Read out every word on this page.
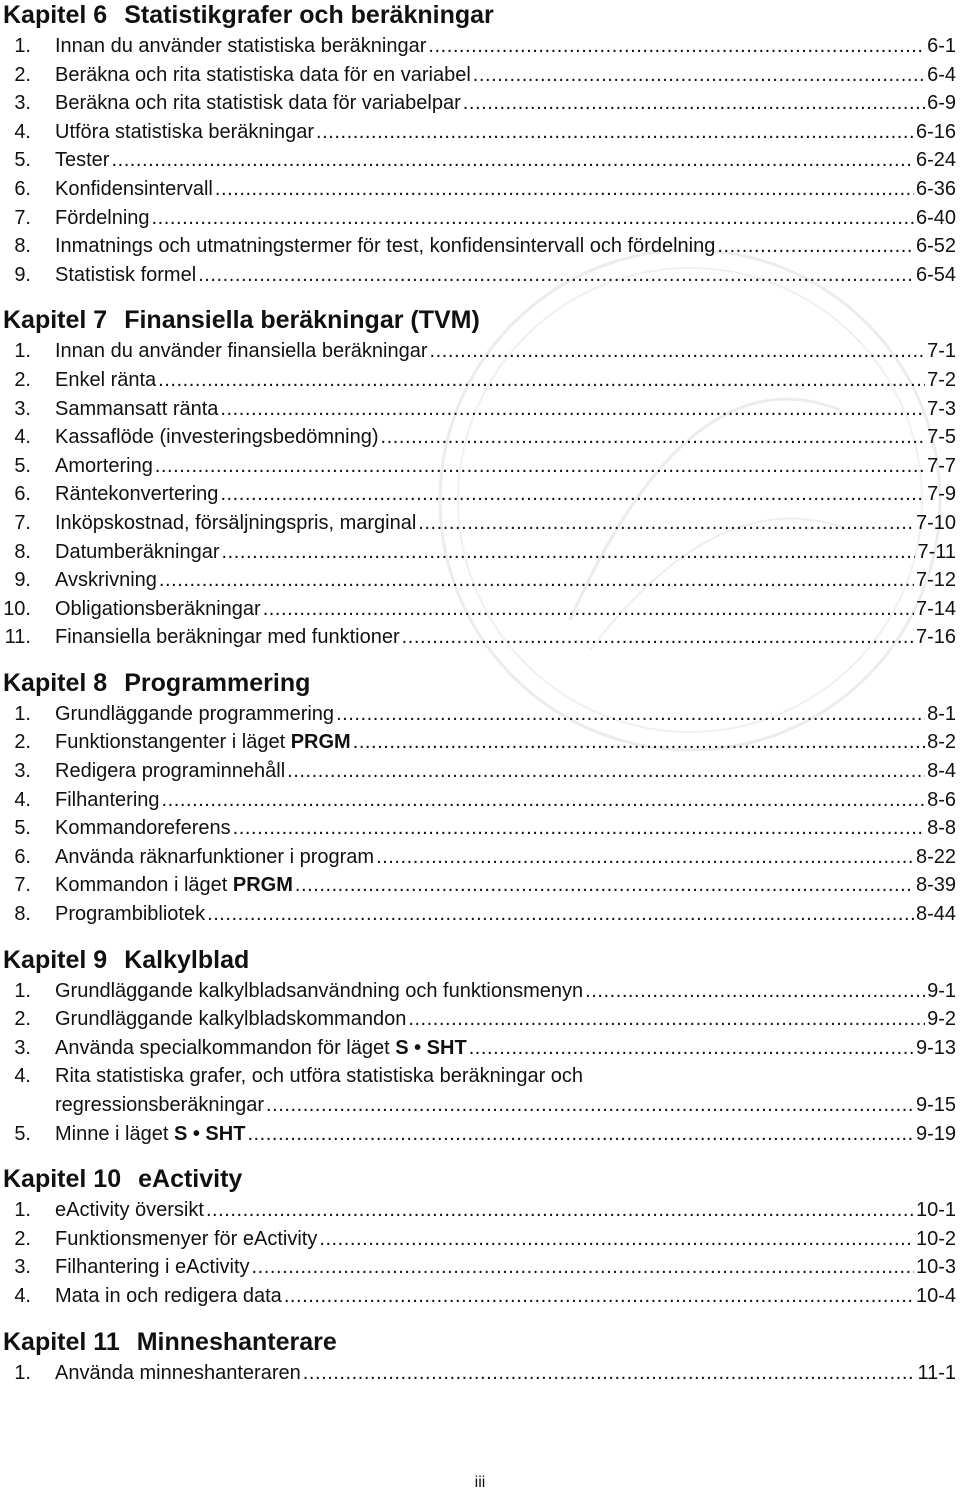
Kapitel 6 Statistikgrafer och beräkningar
1.	Innan du använder statistiska beräkningar . . .	6-1
2.	Beräkna och rita statistiska data för en variabel . . .	6-4
3.	Beräkna och rita statistisk data för variabelpar . . .	6-9
4.	Utföra statistiska beräkningar . . .	6-16
5.	Tester . . .	6-24
6.	Konfidensintervall . . .	6-36
7.	Fördelning . . .	6-40
8.	Inmatnings och utmatningstermer för test, konfidensintervall och fördelning . . .	6-52
9.	Statistisk formel . . .	6-54
Kapitel 7 Finansiella beräkningar (TVM)
1.	Innan du använder finansiella beräkningar . . .	7-1
2.	Enkel ränta . . .	7-2
3.	Sammansatt ränta . . .	7-3
4.	Kassaflöde (investeringsbedömning) . . .	7-5
5.	Amortering . . .	7-7
6.	Räntekonvertering . . .	7-9
7.	Inköpskostnad, försäljningspris, marginal . . .	7-10
8.	Datumberäkningar . . .	7-11
9.	Avskrivning . . .	7-12
10.	Obligationsberäkningar . . .	7-14
11.	Finansiella beräkningar med funktioner . . .	7-16
Kapitel 8 Programmering
1.	Grundläggande programmering . . .	8-1
2.	Funktionstangenter i läget PRGM . . .	8-2
3.	Redigera programinnehåll . . .	8-4
4.	Filhantering . . .	8-6
5.	Kommandoreferens . . .	8-8
6.	Använda räknarfunktioner i program . . .	8-22
7.	Kommandon i läget PRGM . . .	8-39
8.	Programbibliotek . . .	8-44
Kapitel 9 Kalkylblad
1.	Grundläggande kalkylbladsanvändning och funktionsmenyn . . .	9-1
2.	Grundläggande kalkylbladskommandon . . .	9-2
3.	Använda specialkommandon för läget S • SHT . . .	9-13
4.	Rita statistiska grafer, och utföra statistiska beräkningar och
regressionsberäkningar . . .	9-15
5.	Minne i läget S • SHT . . .	9-19
Kapitel 10 eActivity
1.	eActivity översikt . . .	10-1
2.	Funktionsmenyer för eActivity . . .	10-2
3.	Filhantering i eActivity . . .	10-3
4.	Mata in och redigera data . . .	10-4
Kapitel 11 Minneshanterare
1.	Använda minneshanteraren . . .	11-1
iii
